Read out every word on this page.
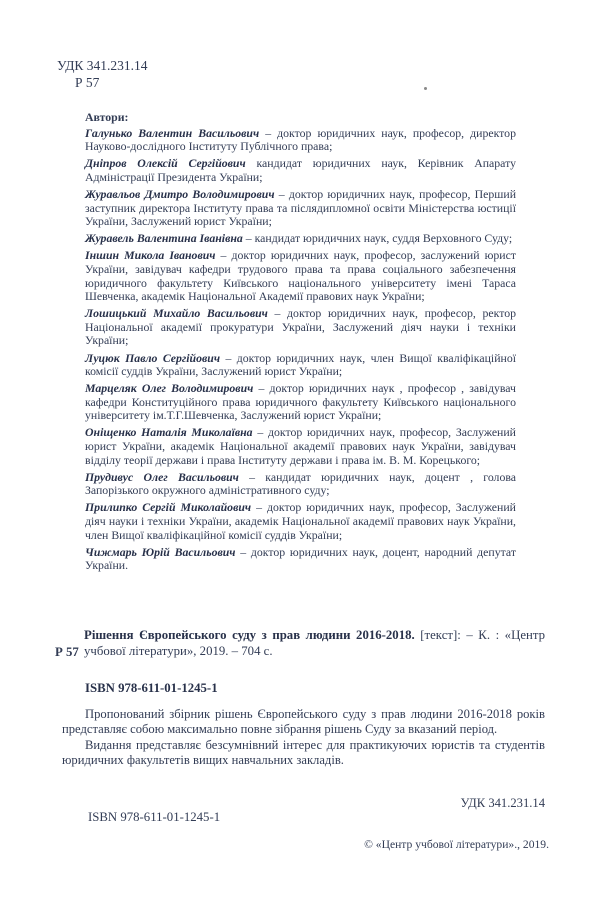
УДК 341.231.14
Р 57

Автори:

Галунько Валентин Васильович – доктор юридичних наук, професор, директор Науково-дослідного Інституту Публічного права;

Дніпров Олексій Сергійович кандидат юридичних наук, Керівник Апарату Адміністрації Президента України;

Журавльов Дмитро Володимирович – доктор юридичних наук, професор, Перший заступник директора Інституту права та післядипломної освіти Міністерства юстиції України, Заслужений юрист України;

Журавель Валентина Іванівна – кандидат юридичних наук, суддя Верховного Суду;

Іншин Микола Іванович – доктор юридичних наук, професор, заслужений юрист України, завідувач кафедри трудового права та права соціального забезпечення юридичного факультету Київського національного університету імені Тараса Шевченка, академік Національної Академії правових наук України;

Лошицький Михайло Васильович – доктор юридичних наук, професор, ректор Національної академії прокуратури України, Заслужений діяч науки і техніки України;

Луцюк Павло Сергійович – доктор юридичних наук, член Вищої кваліфікаційної комісії суддів України, Заслужений юрист України;

Марцеляк Олег Володимирович – доктор юридичних наук , професор , завідувач кафедри Конституційного права юридичного факультету Київського національного університету ім.Т.Г.Шевченка, Заслужений юрист України;

Оніщенко Наталія Миколаївна – доктор юридичних наук, професор, Заслужений юрист України, академік Національної академії правових наук України, завідувач відділу теорії держави і права Інституту держави і права ім. В. М. Корецького;

Прудивус Олег Васильович – кандидат юридичних наук, доцент , голова Запорізького окружного адміністративного суду;

Прилипко Сергій Миколайович – доктор юридичних наук, професор, Заслужений діяч науки і техніки України, академік Національної академії правових наук України, член Вищої кваліфікаційної комісії суддів України;

Чижмарь Юрій Васильович – доктор юридичних наук, доцент, народний депутат України.

Р 57
Рішення Європейського суду з прав людини 2016-2018. [текст]: – К. : «Центр учбової літератури», 2019. – 704 с.
ISBN 978-611-01-1245-1

Пропонований збірник рішень Європейського суду з прав людини 2016-2018 років представляє собою максимально повне зібрання рішень Суду за вказаний період.

Видання представляє безсумнівний інтерес для практикуючих юристів та студентів юридичних факультетів вищих навчальних закладів.

УДК 341.231.14
ISBN 978-611-01-1245-1
© «Центр учбової літератури»., 2019.
